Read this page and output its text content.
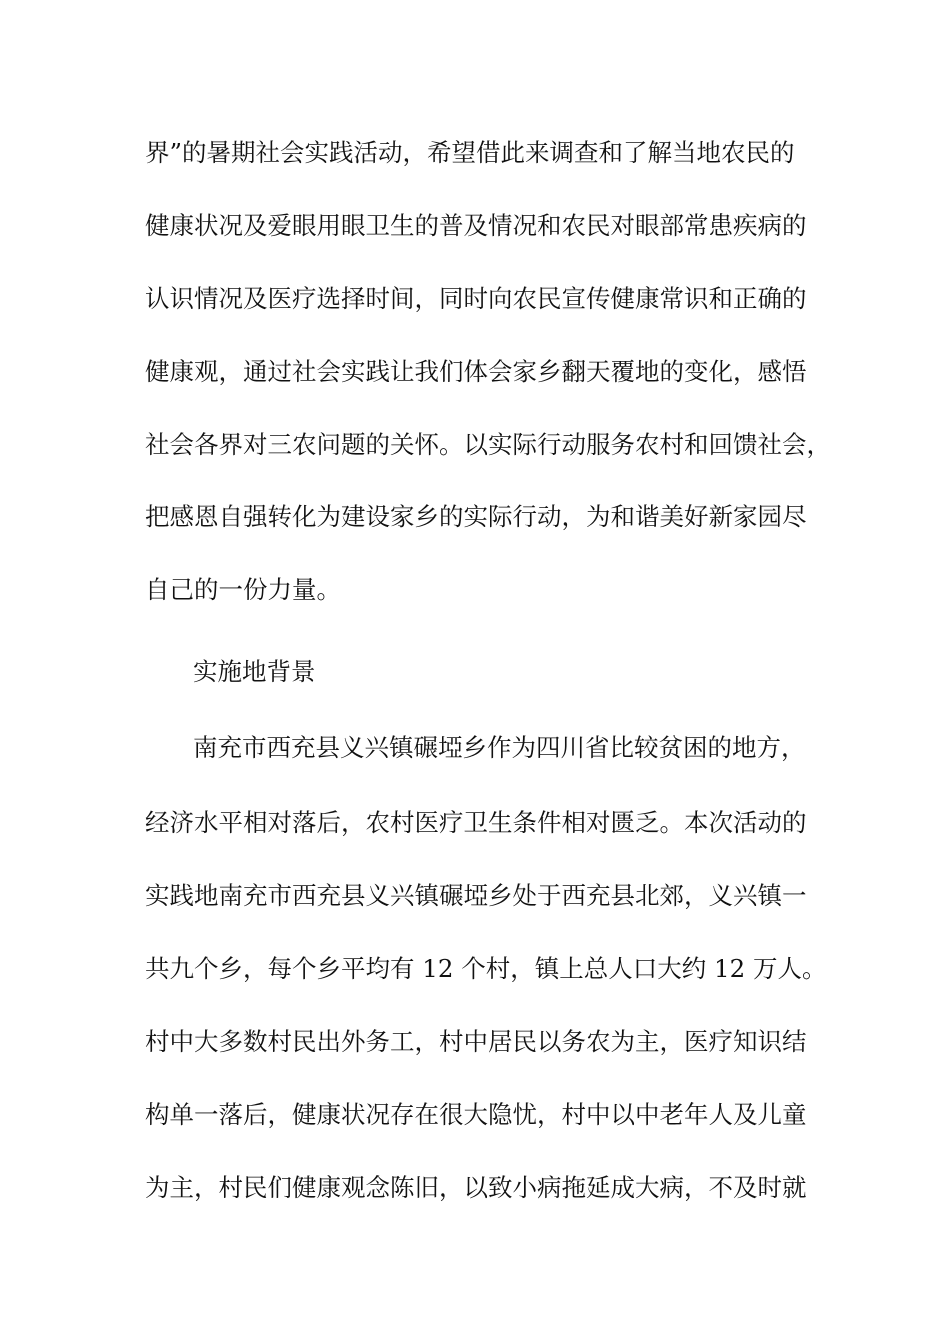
界”的暑期社会实践活动，希望借此来调查和了解当地农民的
健康状况及爱眼用眼卫生的普及情况和农民对眼部常患疾病的
认识情况及医疗选择时间，同时向农民宣传健康常识和正确的
健康观，通过社会实践让我们体会家乡翻天覆地的变化，感悟
社会各界对三农问题的关怀。以实际行动服务农村和回馈社会，
把感恩自强转化为建设家乡的实际行动，为和谐美好新家园尽
自己的一份力量。
实施地背景
南充市西充县义兴镇碾埡乡作为四川省比较贫困的地方，
经济水平相对落后，农村医疗卫生条件相对匮乏。本次活动的
实践地南充市西充县义兴镇碾埡乡处于西充县北郊，义兴镇一
共九个乡，每个乡平均有 12 个村，镇上总人口大约 12 万人。
村中大多数村民出外务工，村中居民以务农为主，医疗知识结
构单一落后，健康状况存在很大隐忧，村中以中老年人及儿童
为主，村民们健康观念陈旧，以致小病拖延成大病，不及时就
